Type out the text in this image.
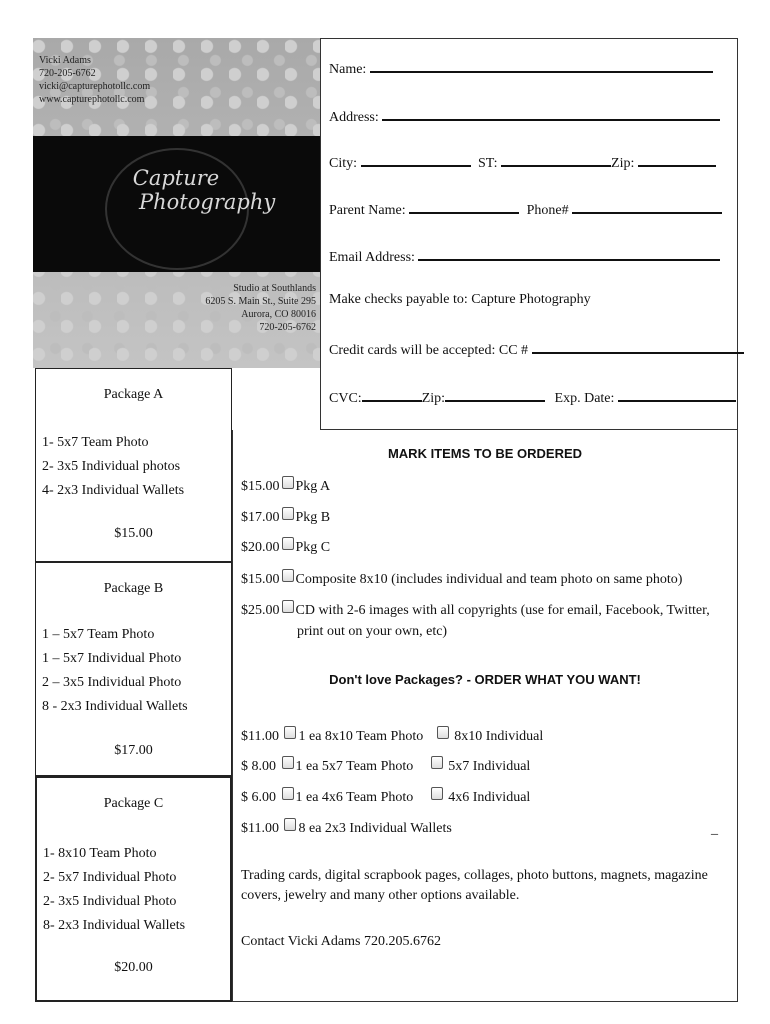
Vicki Adams
720-205-6762
vicki@capturephotollc.com
www.capturephotollc.com
Capture
Photography
Studio at Southlands
6205 S. Main St., Suite 295
Aurora, CO 80016
720-205-6762
Name:
Address:
City:	ST:	Zip:
Parent Name:	Phone#
Email Address:
Make checks payable to: Capture Photography
Credit cards will be accepted: CC #
CVC:	Zip:	Exp. Date:
Package A
1- 5x7 Team Photo
2- 3x5 Individual photos
4- 2x3 Individual Wallets
$15.00
Package B
1 – 5x7 Team Photo
1 – 5x7 Individual Photo
2 – 3x5 Individual Photo
8 - 2x3 Individual Wallets
$17.00
Package C
1- 8x10 Team Photo
2- 5x7 Individual Photo
2- 3x5 Individual Photo
8- 2x3 Individual Wallets
$20.00
MARK ITEMS TO BE ORDERED
$15.00 Pkg A
$17.00 Pkg B
$20.00 Pkg C
$15.00 Composite 8x10 (includes individual and team photo on same photo)
$25.00 CD with 2-6 images with all copyrights (use for email, Facebook, Twitter,
print out on your own, etc)
Don't love Packages? - ORDER WHAT YOU WANT!
$11.00 1 ea 8x10 Team Photo 8x10 Individual
$ 8.00 1 ea 5x7 Team Photo	5x7 Individual
$ 6.00 1 ea 4x6 Team Photo	4x6 Individual
$11.00 8 ea 2x3 Individual Wallets	_
Trading cards, digital scrapbook pages, collages, photo buttons, magnets, magazine covers, jewelry and many other options available.
Contact Vicki Adams 720.205.6762
